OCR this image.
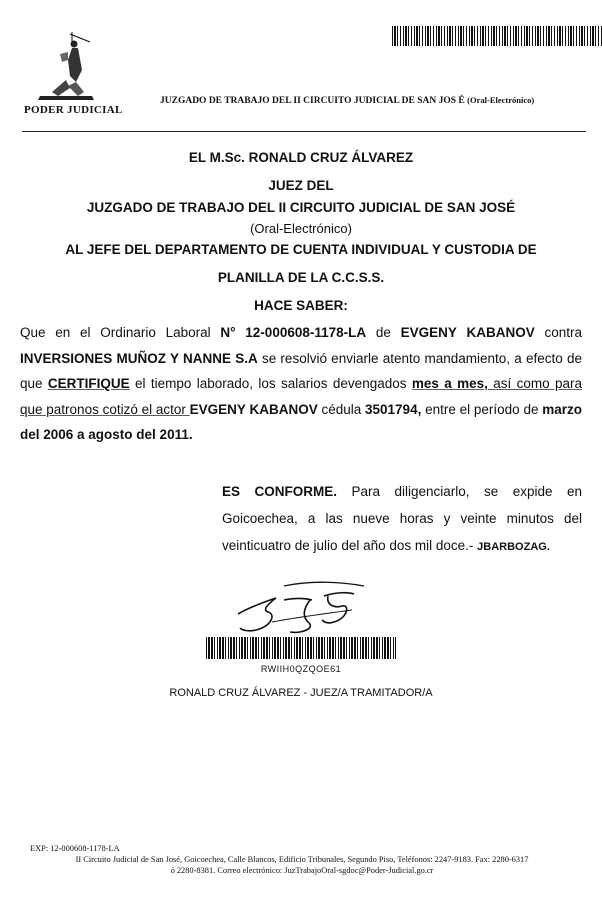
PODER JUDICIAL
JUZGADO DE TRABAJO DEL II CIRCUITO JUDICIAL DE SAN JOS É (Oral-Electrónico)
EL M.Sc. RONALD CRUZ ÁLVAREZ
JUEZ DEL
JUZGADO DE TRABAJO DEL II CIRCUITO JUDICIAL DE SAN JOSÉ
(Oral-Electrónico)
AL JEFE DEL DEPARTAMENTO DE CUENTA INDIVIDUAL Y CUSTODIA DE
PLANILLA DE LA C.C.S.S.
HACE SABER:
Que en el Ordinario Laboral N° 12-000608-1178-LA de EVGENY KABANOV contra INVERSIONES MUÑOZ Y NANNE S.A se resolvió enviarle atento mandamiento, a efecto de que CERTIFIQUE el tiempo laborado, los salarios devengados mes a mes, así como para que patronos cotizó el actor EVGENY KABANOV cédula 3501794, entre el período de marzo del 2006 a agosto del 2011.
ES CONFORME. Para diligenciarlo, se expide en Goicoechea, a las nueve horas y veinte minutos del veinticuatro de julio del año dos mil doce.- JBARBOZAG.
RWIIH0QZQOE61
RONALD CRUZ ÁLVAREZ - JUEZ/A TRAMITADOR/A
EXP: 12-000608-1178-LA
II Circuito Judicial de San José, Goicoechea, Calle Blancos, Edificio Tribunales, Segundo Piso, Teléfonos: 2247-9183. Fax: 2280-6317
ó 2280-8381. Correo electrónico: JuzTrabajoOral-sgdoc@Poder-Judicial.go.cr
